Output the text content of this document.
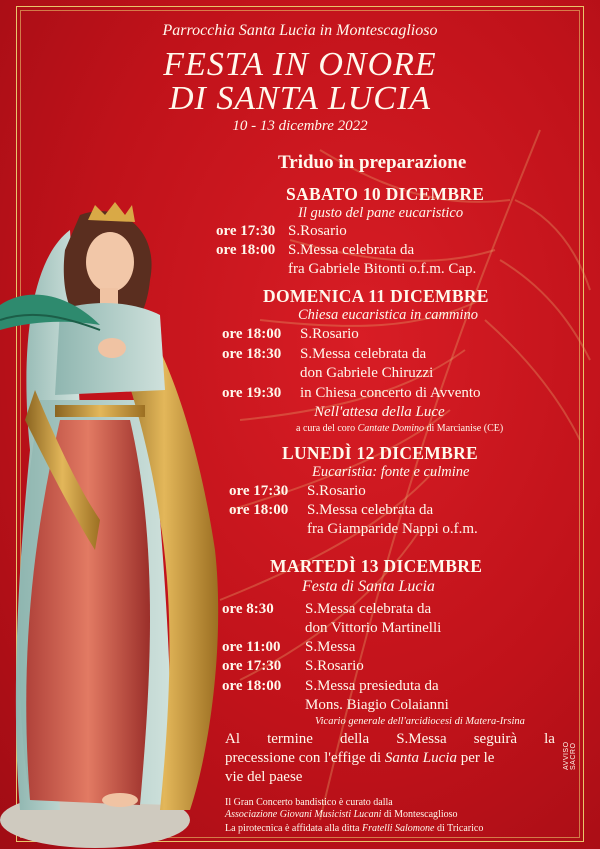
Parrocchia Santa Lucia in Montescaglioso
FESTA IN ONORE
DI SANTA LUCIA
10 - 13 dicembre 2022
Triduo in preparazione
SABATO 10 DICEMBRE
Il gusto del pane eucaristico
ore 17:30 S.Rosario
ore 18:00 S.Messa celebrata da
fra Gabriele Bitonti o.f.m. Cap.
DOMENICA 11 DICEMBRE
Chiesa eucaristica in cammino
ore 18:00 S.Rosario
ore 18:30 S.Messa celebrata da
don Gabriele Chiruzzi
ore 19:30 in Chiesa concerto di Avvento
Nell'attesa della Luce
a cura del coro Cantate Domino di Marcianise (CE)
LUNEDÌ 12 DICEMBRE
Eucaristia: fonte e culmine
ore 17:30 S.Rosario
ore 18:00 S.Messa celebrata da
fra Giamparide Nappi o.f.m.
MARTEDÌ 13 DICEMBRE
Festa di Santa Lucia
ore 8:30 S.Messa celebrata da
don Vittorio Martinelli
ore 11:00 S.Messa
ore 17:30 S.Rosario
ore 18:00 S.Messa presieduta da
Mons. Biagio Colaianni
Vicario generale dell'arcidiocesi di Matera-Irsina
Al termine della S.Messa seguirà la
precessione con l'effige di Santa Lucia per le
vie del paese
Il Gran Concerto bandistico è curato dalla
Associazione Giovani Musicisti Lucani di Montescaglioso
La pirotecnica è affidata alla ditta Fratelli Salomone di Tricarico
AVVISO SACRO
